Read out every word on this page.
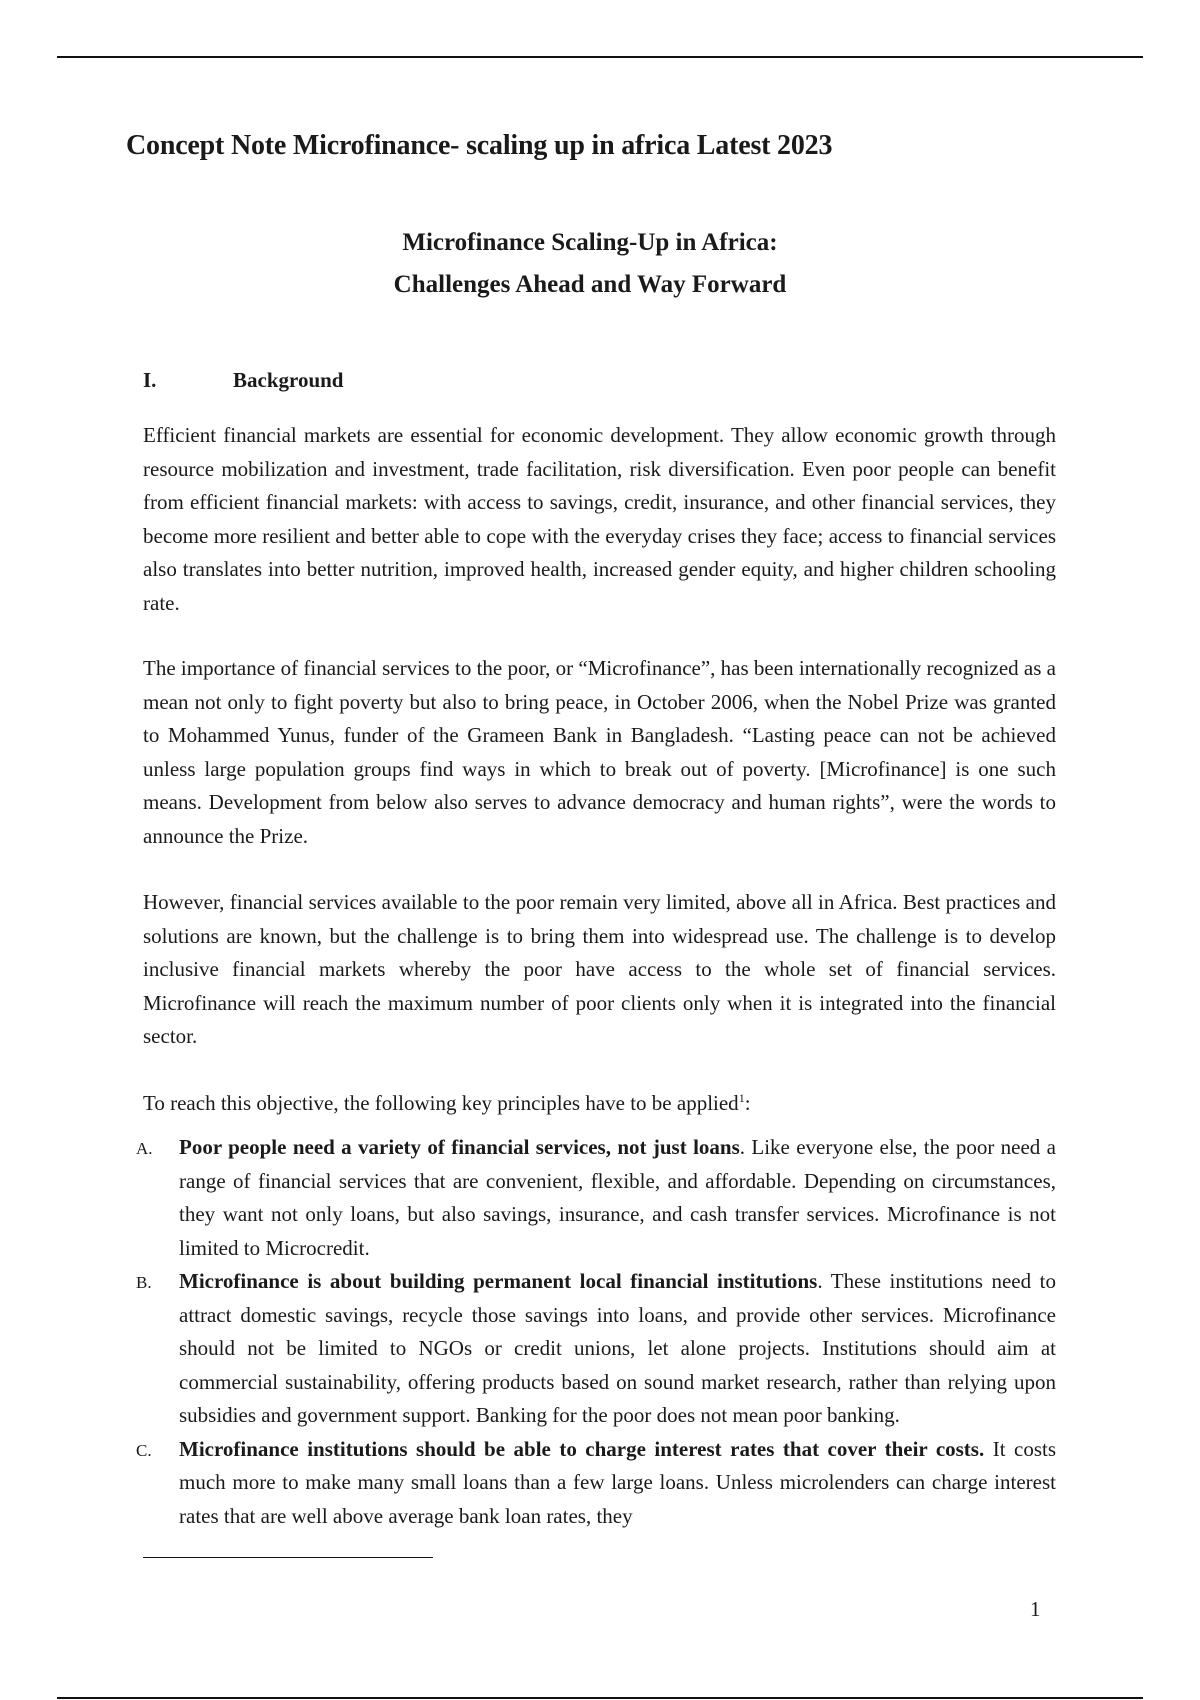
Concept Note Microfinance- scaling up in africa Latest 2023
Microfinance Scaling-Up in Africa:
Challenges Ahead and Way Forward
I.	Background

Efficient financial markets are essential for economic development. They allow economic growth through resource mobilization and investment, trade facilitation, risk diversification. Even poor people can benefit from efficient financial markets: with access to savings, credit, insurance, and other financial services, they become more resilient and better able to cope with the everyday crises they face; access to financial services also translates into better nutrition, improved health, increased gender equity, and higher children schooling rate.

The importance of financial services to the poor, or “Microfinance”, has been internationally recognized as a mean not only to fight poverty but also to bring peace, in October 2006, when the Nobel Prize was granted to Mohammed Yunus, funder of the Grameen Bank in Bangladesh. “Lasting peace can not be achieved unless large population groups find ways in which to break out of poverty. [Microfinance] is one such means. Development from below also serves to advance democracy and human rights”, were the words to announce the Prize.

However, financial services available to the poor remain very limited, above all in Africa. Best practices and solutions are known, but the challenge is to bring them into widespread use. The challenge is to develop inclusive financial markets whereby the poor have access to the whole set of financial services. Microfinance will reach the maximum number of poor clients only when it is integrated into the financial sector.

To reach this objective, the following key principles have to be applied$^1$:

A. Poor people need a variety of financial services, not just loans. Like everyone else, the poor need a range of financial services that are convenient, flexible, and affordable. Depending on circumstances, they want not only loans, but also savings, insurance, and cash transfer services. Microfinance is not limited to Microcredit.
B. Microfinance is about building permanent local financial institutions. These institutions need to attract domestic savings, recycle those savings into loans, and provide other services. Microfinance should not be limited to NGOs or credit unions, let alone projects. Institutions should aim at commercial sustainability, offering products based on sound market research, rather than relying upon subsidies and government support. Banking for the poor does not mean poor banking.
C. Microfinance institutions should be able to charge interest rates that cover their costs. It costs much more to make many small loans than a few large loans. Unless microlenders can charge interest rates that are well above average bank loan rates, they

1
